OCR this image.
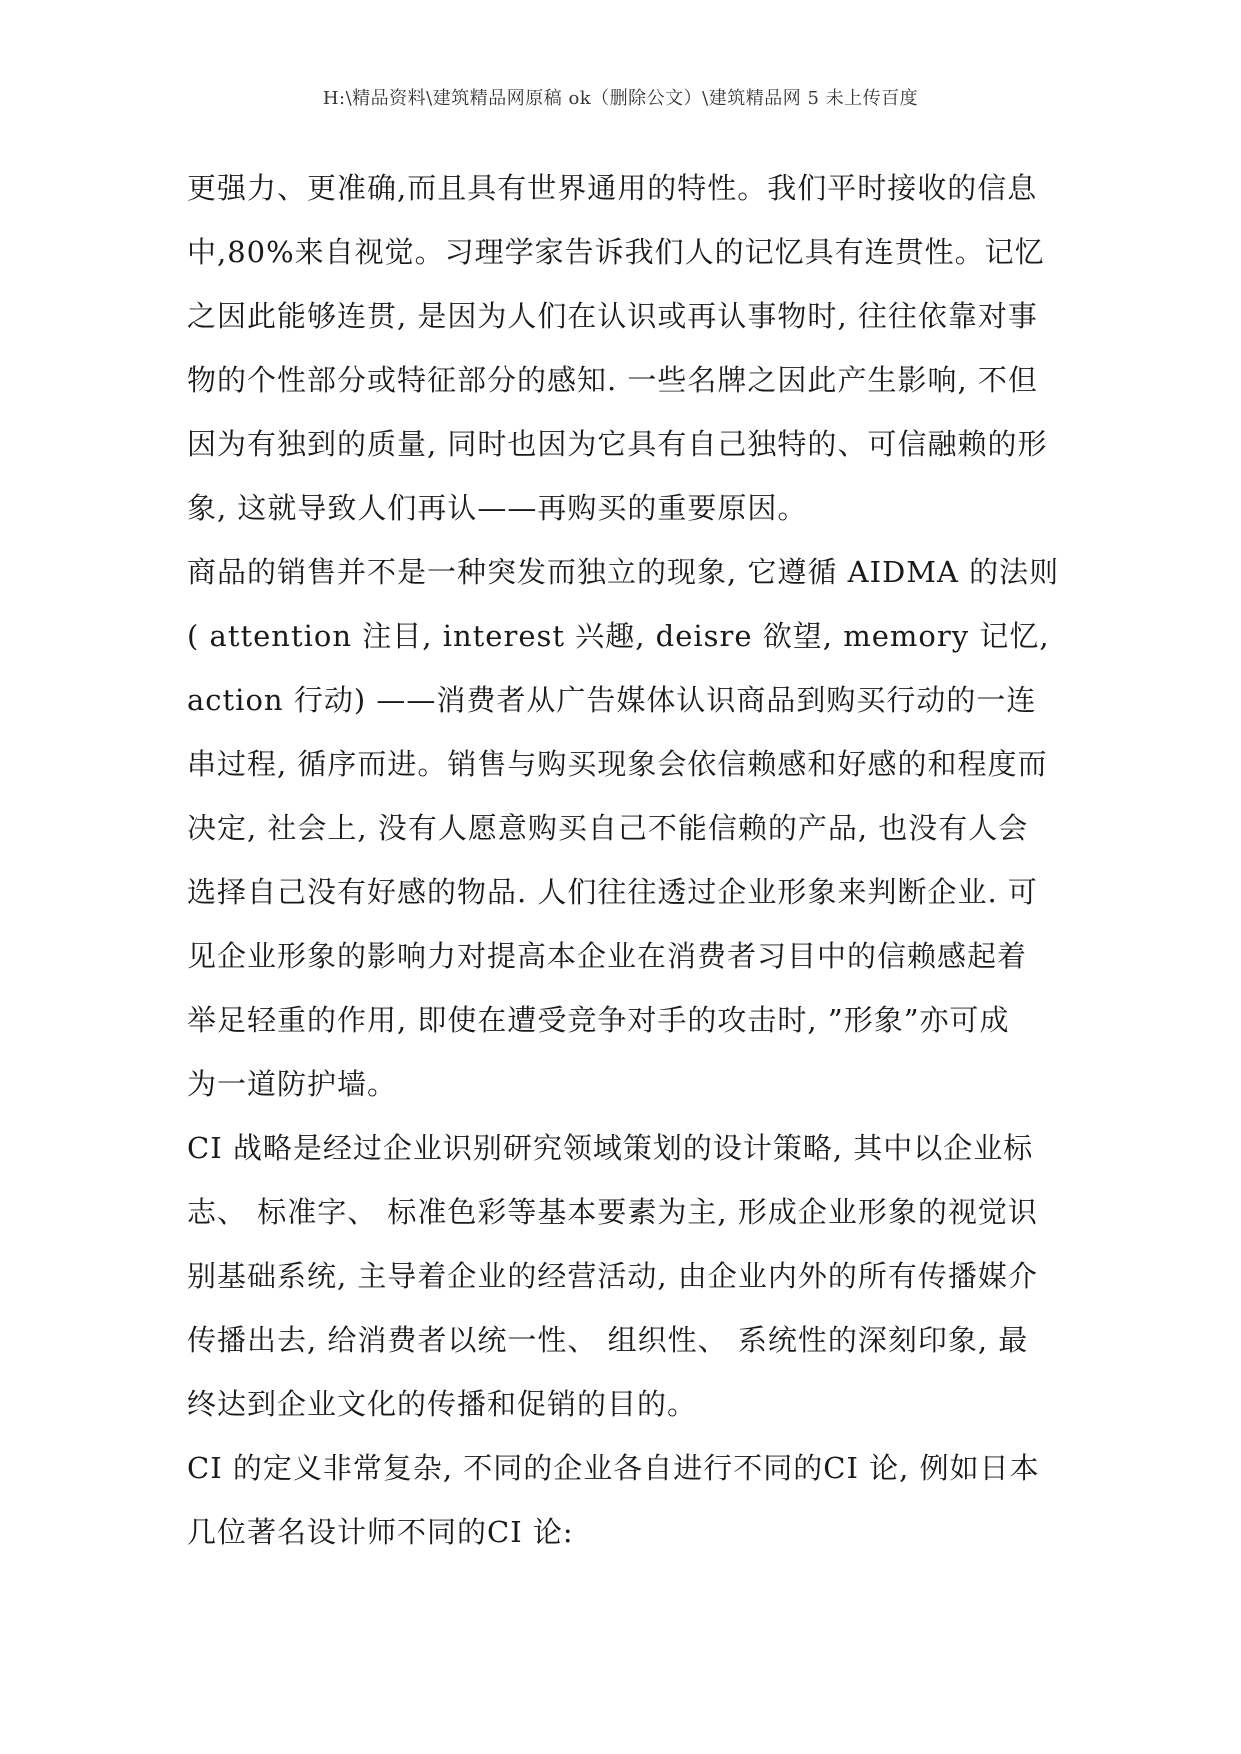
H:\精品资料\建筑精品网原稿 ok（删除公文）\建筑精品网 5 未上传百度
更强力、更准确,而且具有世界通用的特性。我们平时接收的信息
中,80%来自视觉。习理学家告诉我们人的记忆具有连贯性。记忆
之因此能够连贯, 是因为人们在认识或再认事物时, 往往依靠对事
物的个性部分或特征部分的感知. 一些名牌之因此产生影响, 不但
因为有独到的质量, 同时也因为它具有自己独特的、可信融赖的形
象, 这就导致人们再认——再购买的重要原因。
商品的销售并不是一种突发而独立的现象, 它遵循 AIDMA 的法则
( attention 注目, interest 兴趣, deisre 欲望, memory 记忆,
action 行动) ——消费者从广告媒体认识商品到购买行动的一连
串过程, 循序而进。销售与购买现象会依信赖感和好感的和程度而
决定, 社会上, 没有人愿意购买自己不能信赖的产品, 也没有人会
选择自己没有好感的物品. 人们往往透过企业形象来判断企业. 可
见企业形象的影响力对提高本企业在消费者习目中的信赖感起着
举足轻重的作用, 即使在遭受竞争对手的攻击时, ”形象”亦可成
为一道防护墙。
CI 战略是经过企业识别研究领域策划的设计策略, 其中以企业标
志、 标准字、 标准色彩等基本要素为主, 形成企业形象的视觉识
别基础系统, 主导着企业的经营活动, 由企业内外的所有传播媒介
传播出去, 给消费者以统一性、 组织性、 系统性的深刻印象, 最
终达到企业文化的传播和促销的目的。
CI 的定义非常复杂, 不同的企业各自进行不同的CI 论, 例如日本
几位著名设计师不同的CI 论:
